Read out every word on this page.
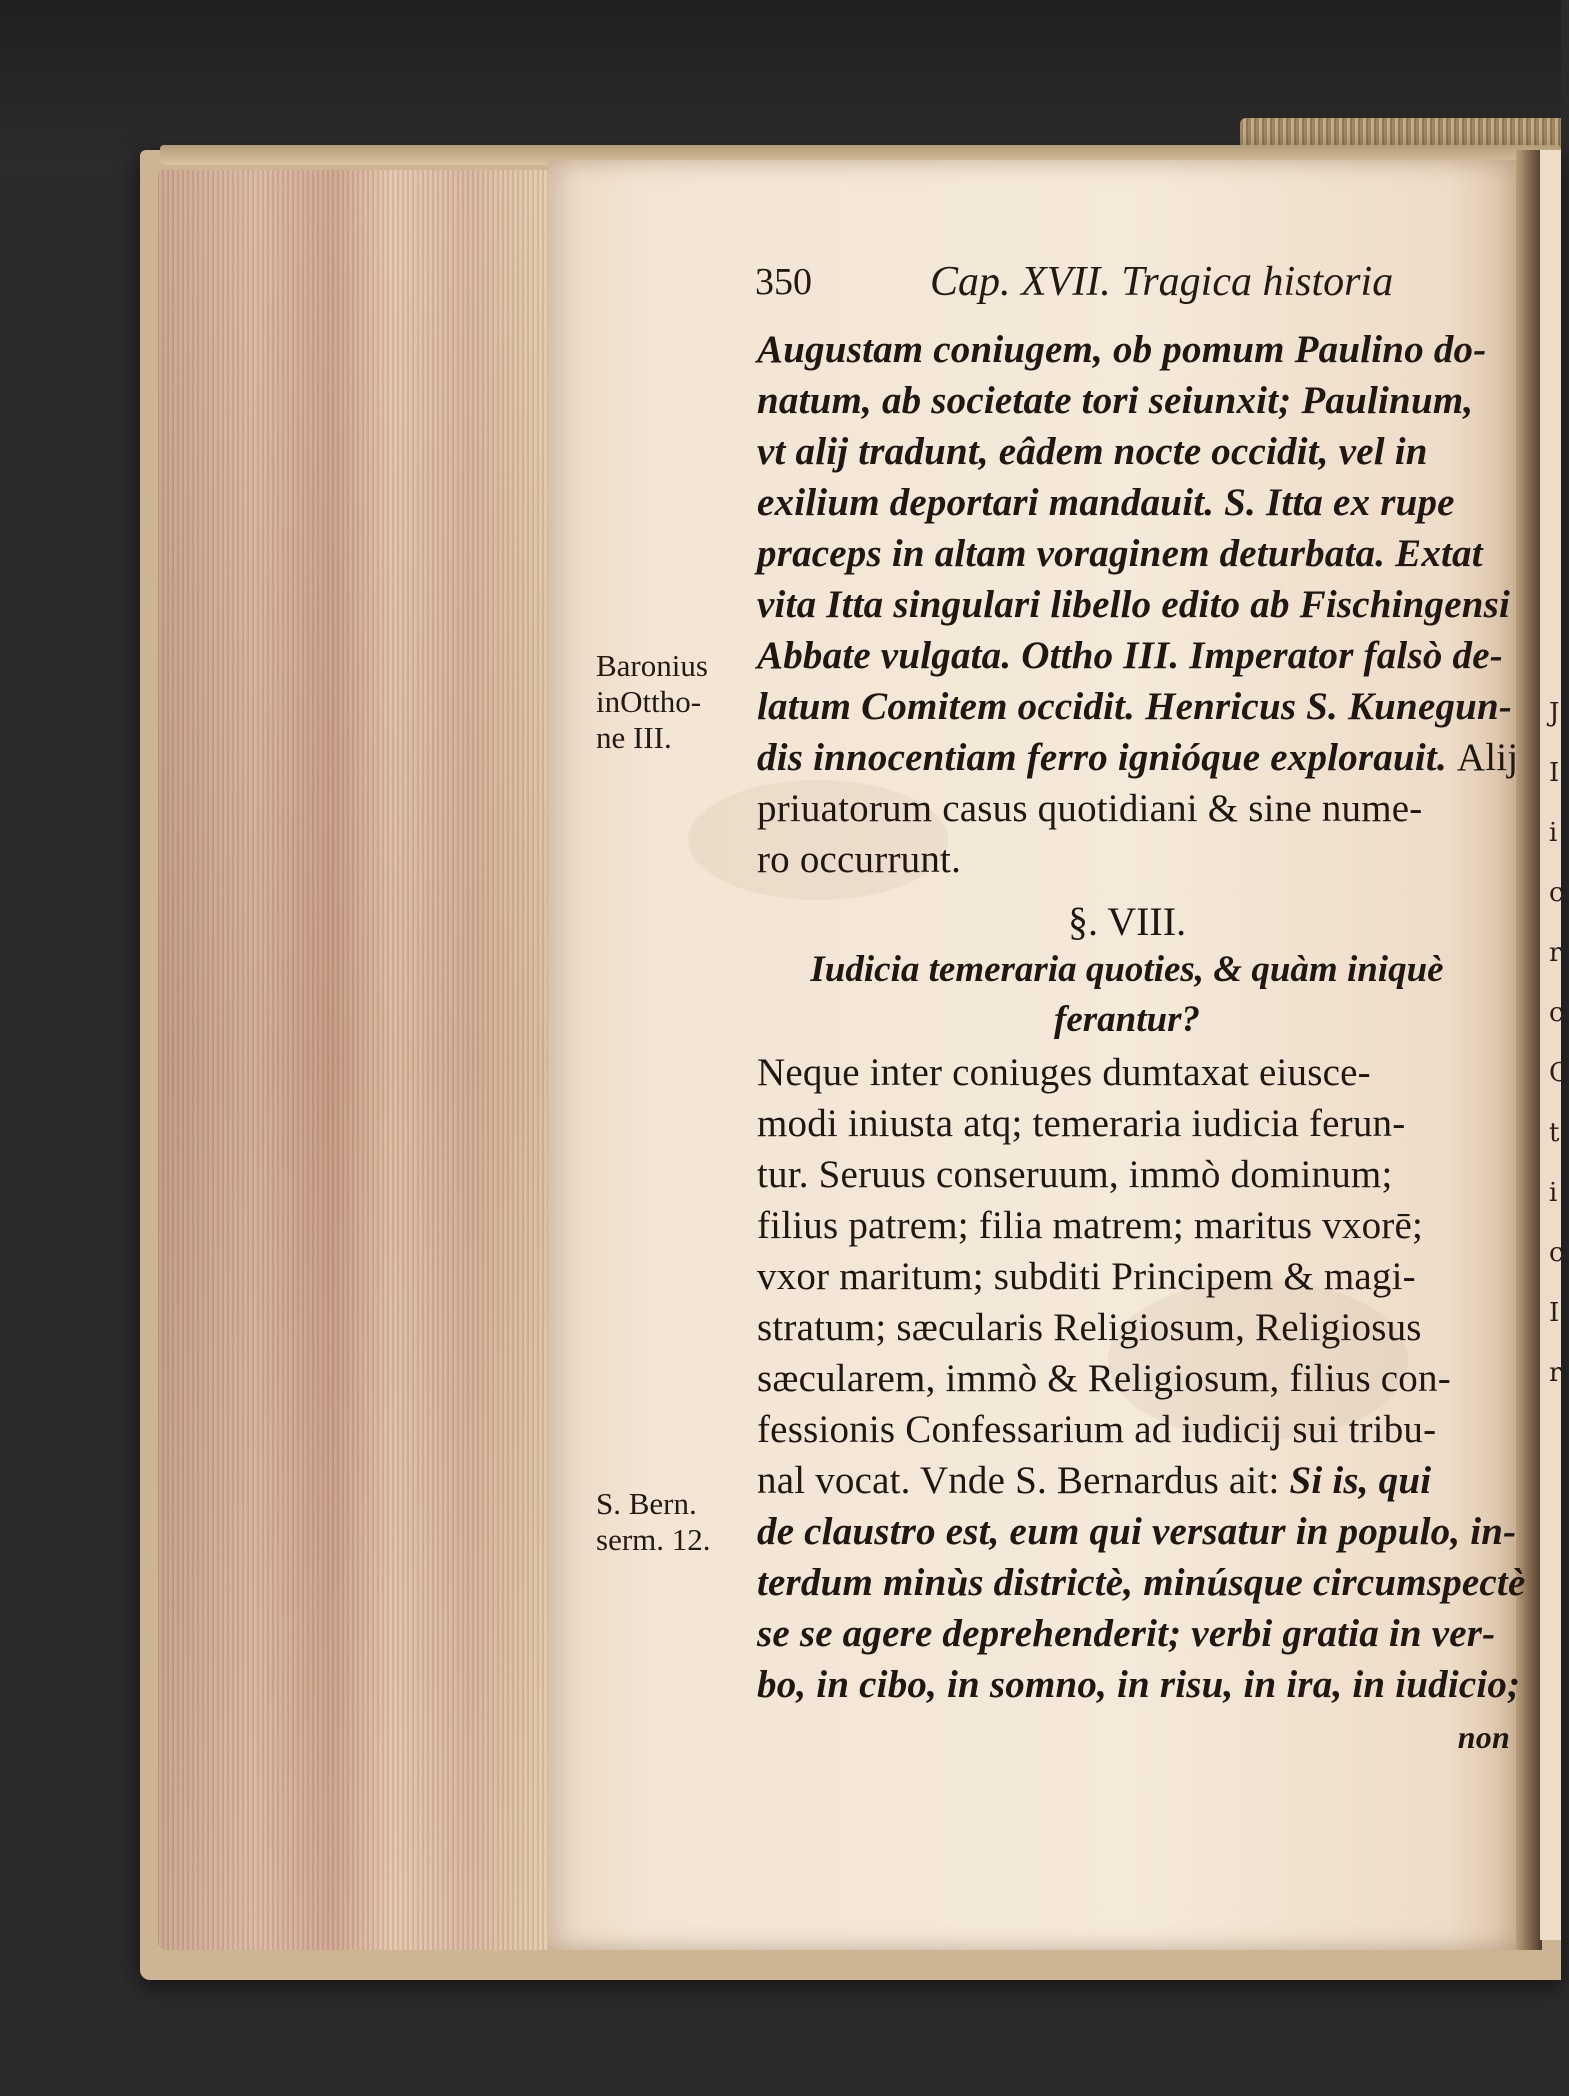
J
I
i
c
r
c
C
t
i
c
I
r
350	Cap. XVII. Tragica historia
Augustam coniugem, ob pomum Paulino do-
natum, ab societate tori seiunxit; Paulinum,
vt alij tradunt, eâdem nocte occidit, vel in
exilium deportari mandauit. S. Itta ex rupe
praceps in altam voraginem deturbata. Extat
vita Itta singulari libello edito ab Fischingensi
Abbate vulgata. Ottho III. Imperator falsò de-
latum Comitem occidit. Henricus S. Kunegun-
dis innocentiam ferro ignióque explorauit. Alij
priuatorum casus quotidiani & sine nume-
ro occurrunt.
§. VIII.
Iudicia temeraria quoties, & quàm iniquè
ferantur?
Neque inter coniuges dumtaxat eiusce-
modi iniusta atq; temeraria iudicia ferun-
tur. Seruus conseruum, immò dominum;
filius patrem; filia matrem; maritus vxorē;
vxor maritum; subditi Principem & magi-
stratum; sæcularis Religiosum, Religiosus
sæcularem, immò & Religiosum, filius con-
fessionis Confessarium ad iudicij sui tribu-
nal vocat. Vnde S. Bernardus ait: Si is, qui
de claustro est, eum qui versatur in populo, in-
terdum minùs districtè, minúsque circumspectè
se se agere deprehenderit; verbi gratia in ver-
bo, in cibo, in somno, in risu, in ira, in iudicio;
non
Baronius
inOttho-
ne III.
S. Bern.
serm. 12.
